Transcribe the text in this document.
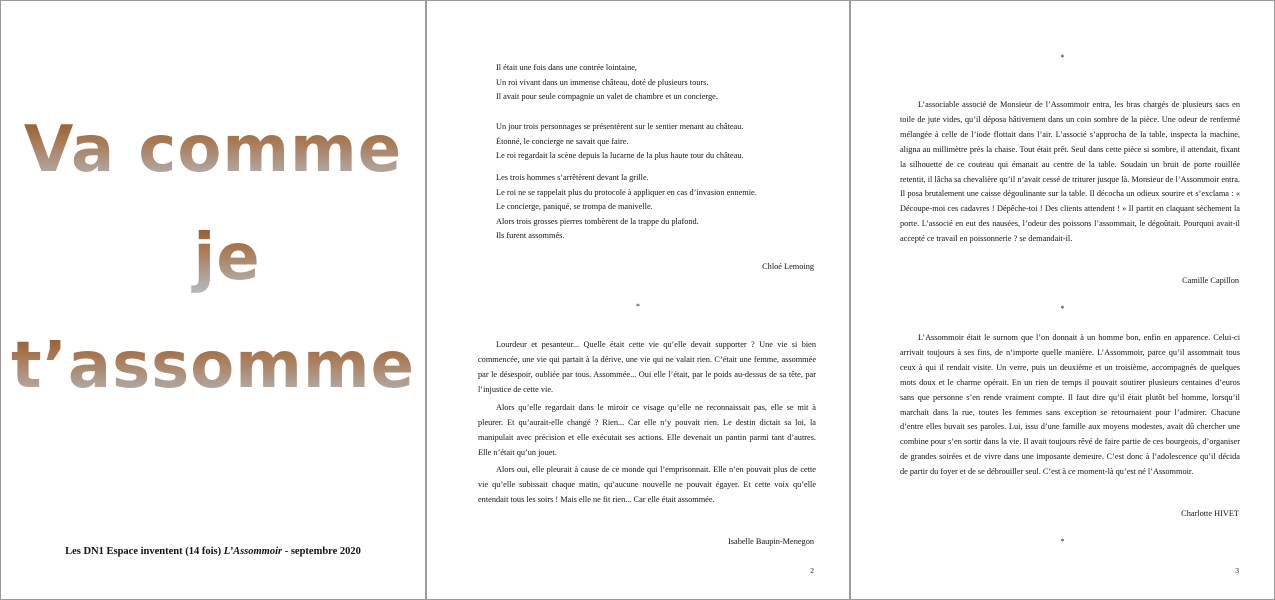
Va comme
je
t’assomme
Les DN1 Espace inventent (14 fois) L’Assommoir - septembre 2020
Il était une fois dans une contrée lointaine,
Un roi vivant dans un immense château, doté de plusieurs tours.
Il avait pour seule compagnie un valet de chambre et un concierge.
Un jour trois personnages se présentèrent sur le sentier menant au château.
Étonné, le concierge ne savait que faire.
Le roi regardait la scène depuis la lucarne de la plus haute tour du château.
Les trois hommes s’arrêtèrent devant la grille.
Le roi ne se rappelait plus du protocole à appliquer en cas d’invasion ennemie.
Le concierge, paniqué, se trompa de manivelle.
Alors trois grosses pierres tombèrent de la trappe du plafond.
Ils furent assommés.
Chloé Lemoing
*

Lourdeur et pesanteur... Quelle était cette vie qu’elle devait supporter ? Une vie si bien commencée, une vie qui partait à la dérive, une vie qui ne valait rien. C’était une femme, assommée par le désespoir, oubliée par tous. Assommée... Oui elle l’était, par le poids au-dessus de sa tête, par l’injustice de cette vie.

Alors qu’elle regardait dans le miroir ce visage qu’elle ne reconnaissait pas, elle se mit à pleurer. Et qu’aurait-elle changé ? Rien... Car elle n’y pouvait rien. Le destin dictait sa loi, la manipulait avec précision et elle exécutait ses actions. Elle devenait un pantin parmi tant d’autres. Elle n’était qu’un jouet.

Alors oui, elle pleurait à cause de ce monde qui l’emprisonnait. Elle n’en pouvait plus de cette vie qu’elle subissait chaque matin, qu’aucune nouvelle ne pouvait égayer. Et cette voix qu’elle entendait tous les soirs ! Mais elle ne fit rien... Car elle était assommée.

Isabelle Baupin-Menegon
2
*

L’associable associé de Monsieur de l’Assommoir entra, les bras chargés de plusieurs sacs en toile de jute vides, qu’il déposa hâtivement dans un coin sombre de la pièce. Une odeur de renfermé mélangée à celle de l’iode flottait dans l’air. L’associé s’approcha de la table, inspecta la machine, aligna au millimètre près la chaise. Tout était prêt. Seul dans cette pièce si sombre, il attendait, fixant la silhouette de ce couteau qui émanait au centre de la table. Soudain un bruit de porte rouillée retentit, il lâcha sa chevalière qu’il n’avait cessé de triturer jusque là. Monsieur de l’Assommoir entra. Il posa brutalement une caisse dégoulinante sur la table. Il décocha un odieux sourire et s’exclama : « Découpe-moi ces cadavres ! Dépêche-toi ! Des clients attendent ! » Il partit en claquant sèchement la porte. L’associé en eut des nausées, l’odeur des poissons l’assommait, le dégoûtait. Pourquoi avait-il accepté ce travail en poissonnerie ? se demandait-il.

Camille Capillon
*

L’Assommoir était le surnom que l’on donnait à un homme bon, enfin en apparence. Celui-ci arrivait toujours à ses fins, de n’importe quelle manière. L’Assommoir, parce qu’il assommait tous ceux à qui il rendait visite. Un verre, puis un deuxième et un troisième, accompagnés de quelques mots doux et le charme opérait. En un rien de temps il pouvait soutirer plusieurs centaines d’euros sans que personne s’en rende vraiment compte. Il faut dire qu’il était plutôt bel homme, lorsqu’il marchait dans la rue, toutes les femmes sans exception se retournaient pour l’admirer. Chacune d’entre elles buvait ses paroles. Lui, issu d’une famille aux moyens modestes, avait dû chercher une combine pour s’en sortir dans la vie. Il avait toujours rêvé de faire partie de ces bourgeois, d’organiser de grandes soirées et de vivre dans une imposante demeure. C’est donc à l’adolescence qu’il décida de partir du foyer et de se débrouiller seul. C’est à ce moment-là qu’est né l’Assommoir.

Charlotte HIVET
*
3
